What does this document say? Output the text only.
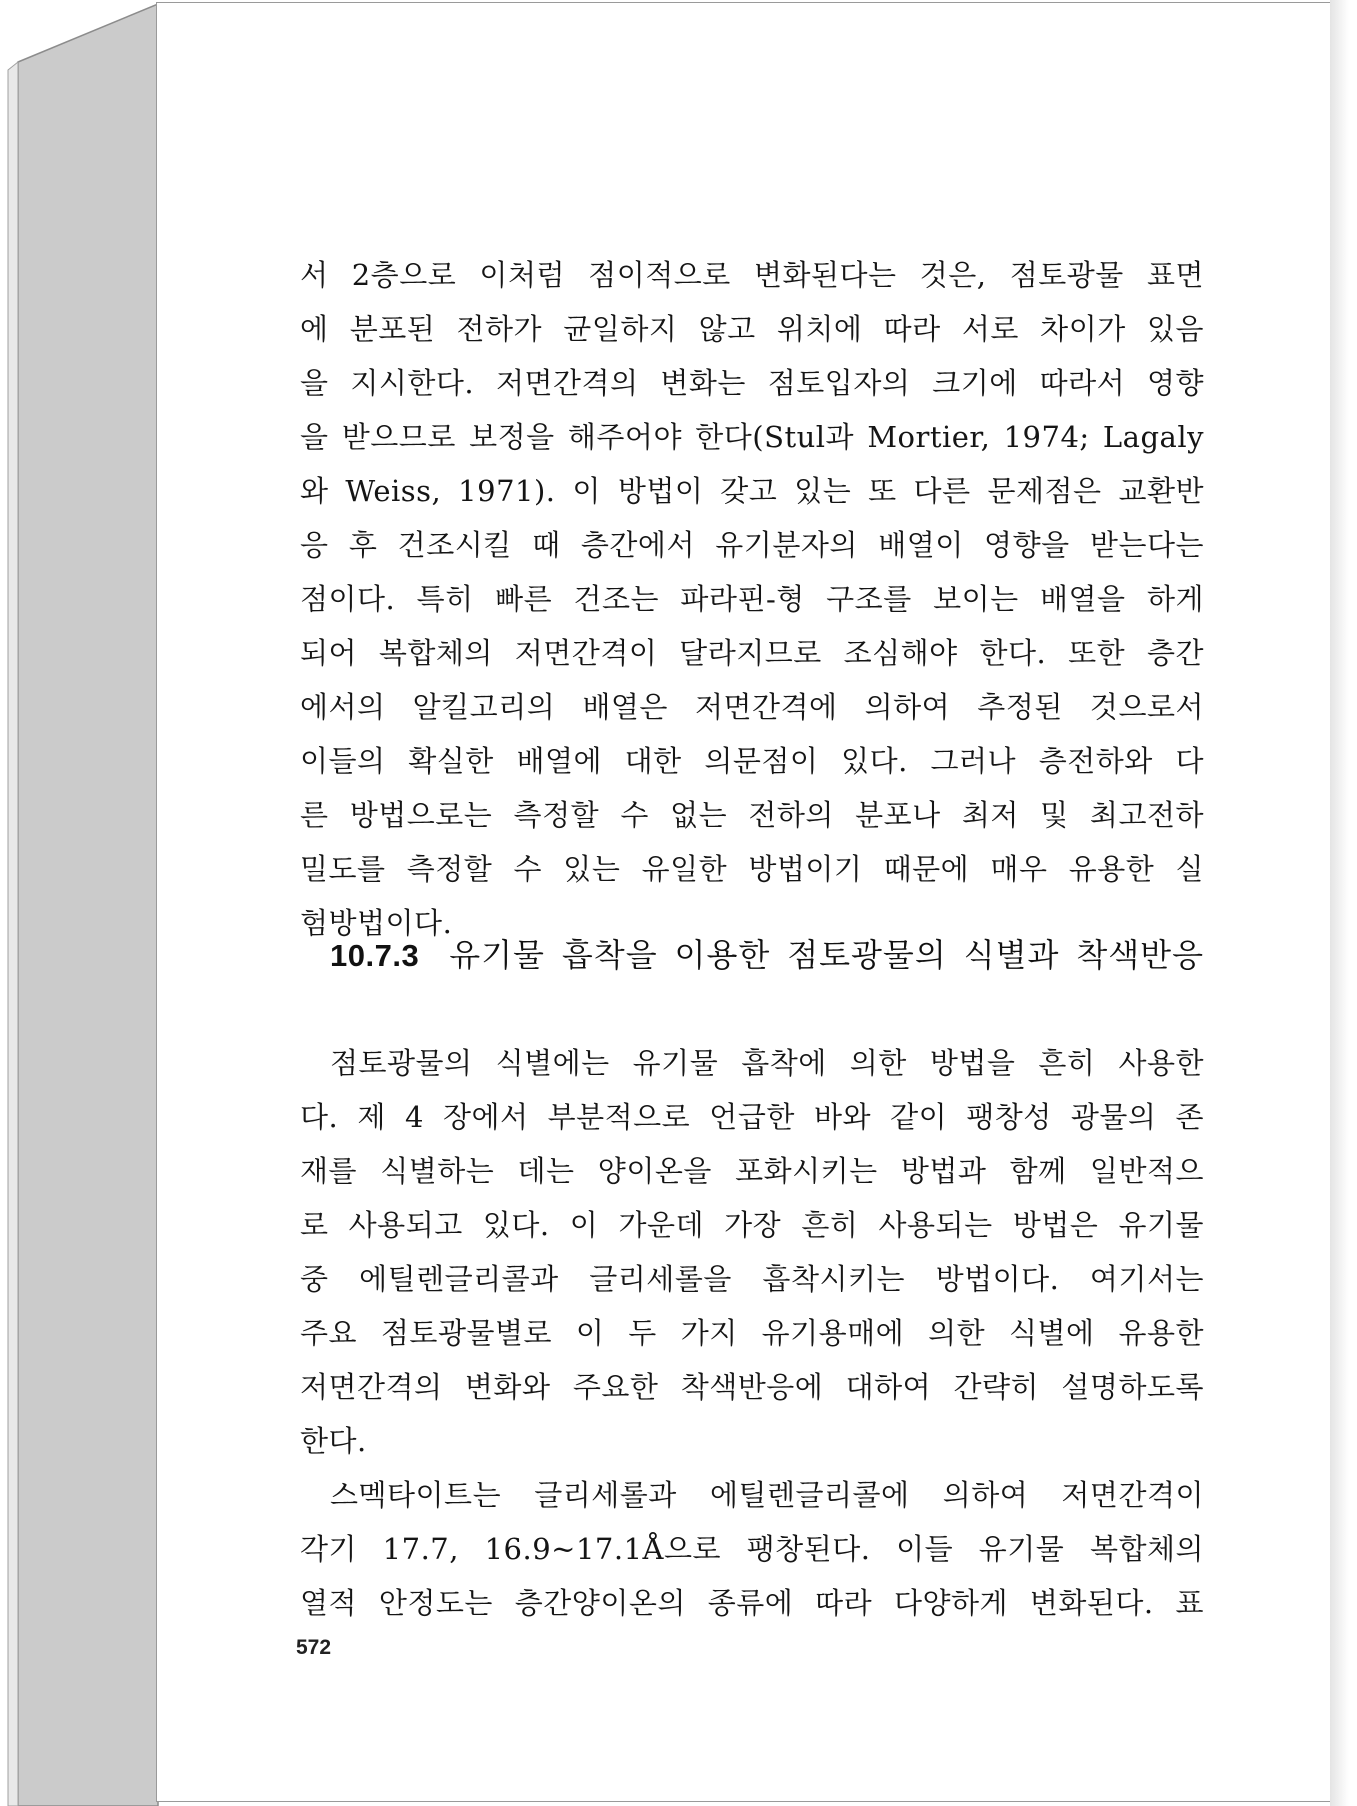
서 2층으로 이처럼 점이적으로 변화된다는 것은, 점토광물 표면
에 분포된 전하가 균일하지 않고 위치에 따라 서로 차이가 있음
을 지시한다. 저면간격의 변화는 점토입자의 크기에 따라서 영향
을 받으므로 보정을 해주어야 한다(Stul과 Mortier, 1974; Lagaly
와 Weiss, 1971). 이 방법이 갖고 있는 또 다른 문제점은 교환반
응 후 건조시킬 때 층간에서 유기분자의 배열이 영향을 받는다는
점이다. 특히 빠른 건조는 파라핀-형 구조를 보이는 배열을 하게
되어 복합체의 저면간격이 달라지므로 조심해야 한다. 또한 층간
에서의 알킬고리의 배열은 저면간격에 의하여 추정된 것으로서
이들의 확실한 배열에 대한 의문점이 있다. 그러나 층전하와 다
른 방법으로는 측정할 수 없는 전하의 분포나 최저 및 최고전하
밀도를 측정할 수 있는 유일한 방법이기 때문에 매우 유용한 실
험방법이다.
10.7.3 유기물 흡착을 이용한 점토광물의 식별과 착색반응
점토광물의 식별에는 유기물 흡착에 의한 방법을 흔히 사용한
다. 제 4 장에서 부분적으로 언급한 바와 같이 팽창성 광물의 존
재를 식별하는 데는 양이온을 포화시키는 방법과 함께 일반적으
로 사용되고 있다. 이 가운데 가장 흔히 사용되는 방법은 유기물
중 에틸렌글리콜과 글리세롤을 흡착시키는 방법이다. 여기서는
주요 점토광물별로 이 두 가지 유기용매에 의한 식별에 유용한
저면간격의 변화와 주요한 착색반응에 대하여 간략히 설명하도록
한다.
스멕타이트는 글리세롤과 에틸렌글리콜에 의하여 저면간격이
각기 17.7, 16.9~17.1Å으로 팽창된다. 이들 유기물 복합체의
열적 안정도는 층간양이온의 종류에 따라 다양하게 변화된다. 표
572
